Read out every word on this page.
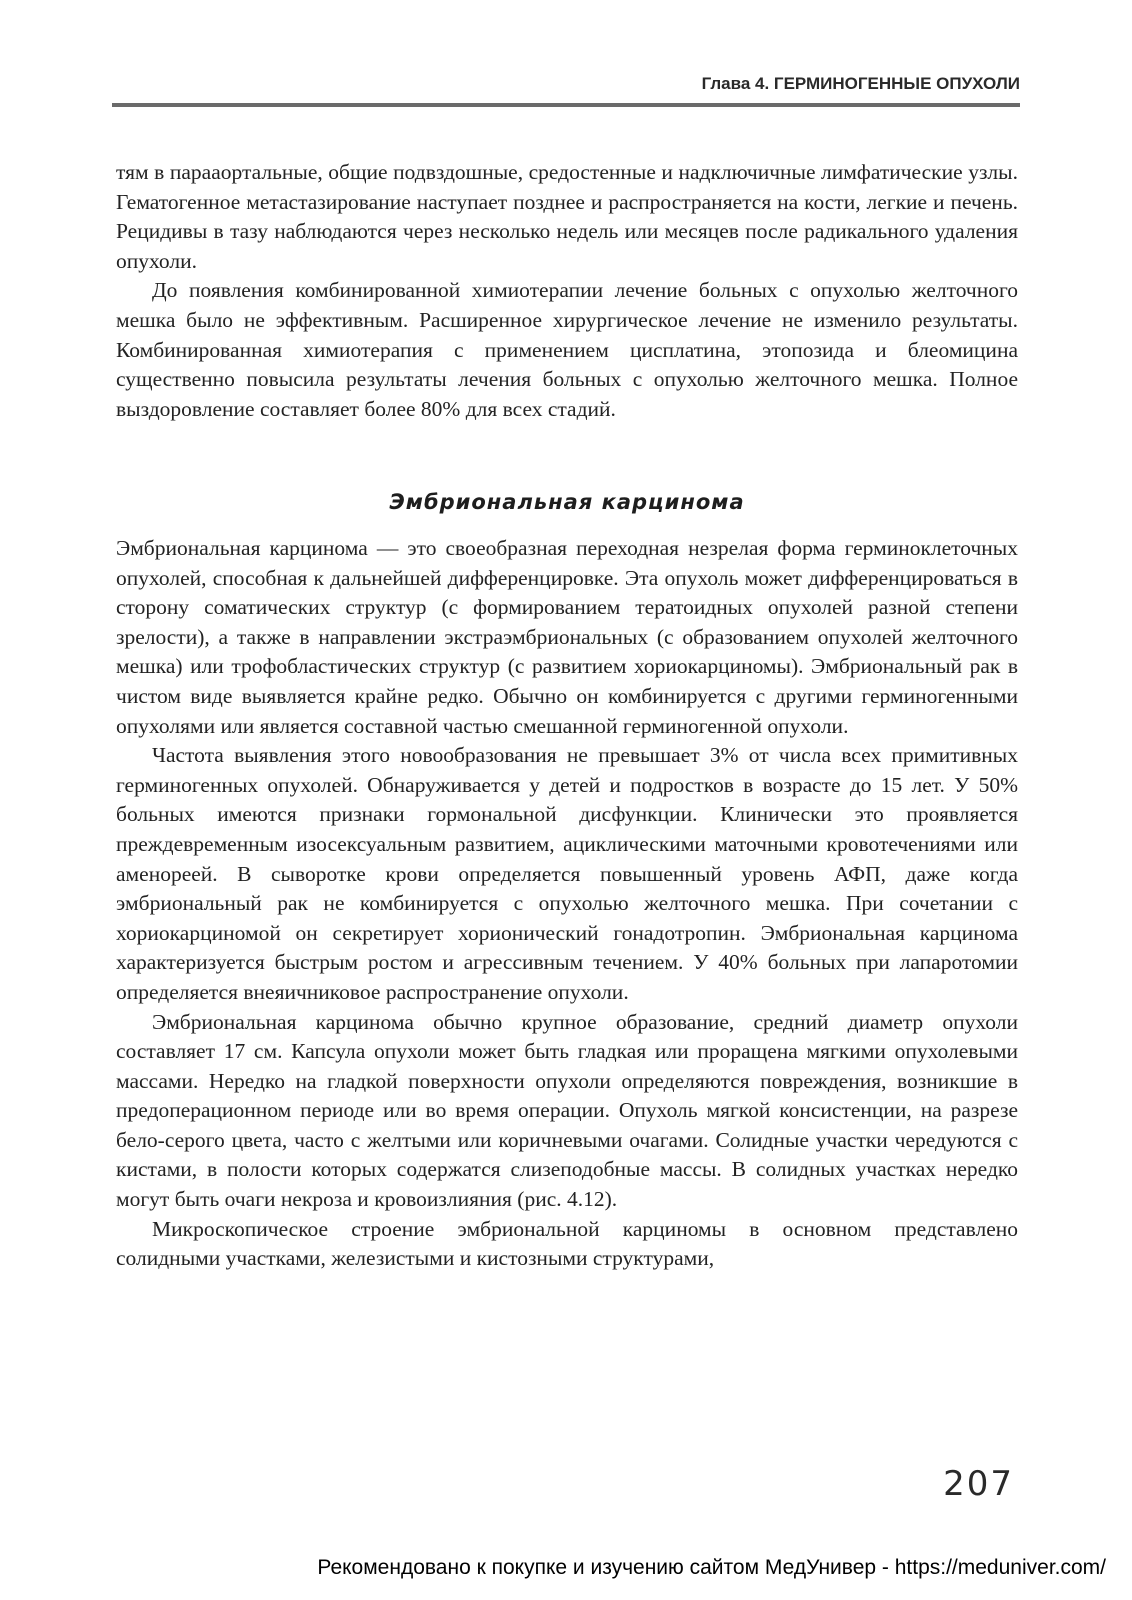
Глава 4. ГЕРМИНОГЕННЫЕ ОПУХОЛИ

тям в парааортальные, общие подвздошные, средостенные и надключичные лимфатические узлы. Гематогенное метастазирование наступает позднее и распространяется на кости, легкие и печень. Рецидивы в тазу наблюдаются через несколько недель или месяцев после радикального удаления опухоли.

До появления комбинированной химиотерапии лечение больных с опухолью желточного мешка было не эффективным. Расширенное хирургическое лечение не изменило результаты. Комбинированная химиотерапия с применением цисплатина, этопозида и блеомицина существенно повысила результаты лечения больных с опухолью желточного мешка. Полное выздоровление составляет более 80% для всех стадий.

Эмбриональная карцинома

Эмбриональная карцинома — это своеобразная переходная незрелая форма герминоклеточных опухолей, способная к дальнейшей дифференцировке. Эта опухоль может дифференцироваться в сторону соматических структур (с формированием тератоидных опухолей разной степени зрелости), а также в направлении экстраэмбриональных (с образованием опухолей желточного мешка) или трофобластических структур (с развитием хориокарциномы). Эмбриональный рак в чистом виде выявляется крайне редко. Обычно он комбинируется с другими герминогенными опухолями или является составной частью смешанной герминогенной опухоли.

Частота выявления этого новообразования не превышает 3% от числа всех примитивных герминогенных опухолей. Обнаруживается у детей и подростков в возрасте до 15 лет. У 50% больных имеются признаки гормональной дисфункции. Клинически это проявляется преждевременным изосексуальным развитием, ациклическими маточными кровотечениями или аменореей. В сыворотке крови определяется повышенный уровень АФП, даже когда эмбриональный рак не комбинируется с опухолью желточного мешка. При сочетании с хориокарциномой он секретирует хорионический гонадотропин. Эмбриональная карцинома характеризуется быстрым ростом и агрессивным течением. У 40% больных при лапаротомии определяется внеяичниковое распространение опухоли.

Эмбриональная карцинома обычно крупное образование, средний диаметр опухоли составляет 17 см. Капсула опухоли может быть гладкая или проращена мягкими опухолевыми массами. Нередко на гладкой поверхности опухоли определяются повреждения, возникшие в предоперационном периоде или во время операции. Опухоль мягкой консистенции, на разрезе бело-серого цвета, часто с желтыми или коричневыми очагами. Солидные участки чередуются с кистами, в полости которых содержатся слизеподобные массы. В солидных участках нередко могут быть очаги некроза и кровоизлияния (рис. 4.12).

Микроскопическое строение эмбриональной карциномы в основном представлено солидными участками, железистыми и кистозными структурами,

207
Рекомендовано к покупке и изучению сайтом МедУнивер - https://meduniver.com/
